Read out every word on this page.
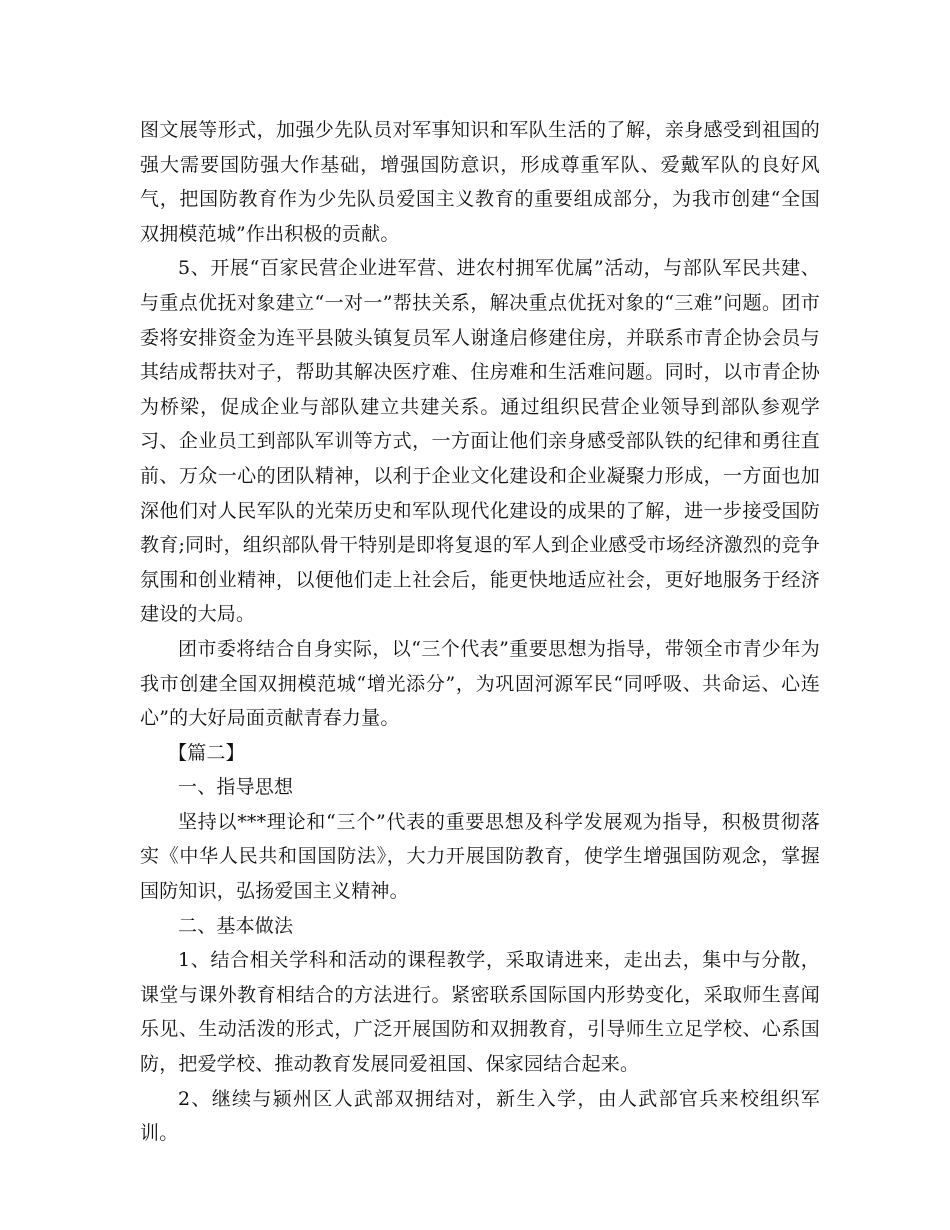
图文展等形式，加强少先队员对军事知识和军队生活的了解，亲身感受到祖国的强大需要国防强大作基础，增强国防意识，形成尊重军队、爱戴军队的良好风气，把国防教育作为少先队员爱国主义教育的重要组成部分，为我市创建“全国双拥模范城”作出积极的贡献。

5、开展“百家民营企业进军营、进农村拥军优属”活动，与部队军民共建、与重点优抚对象建立“一对一”帮扶关系，解决重点优抚对象的“三难”问题。团市委将安排资金为连平县陂头镇复员军人谢逢启修建住房，并联系市青企协会员与其结成帮扶对子，帮助其解决医疗难、住房难和生活难问题。同时，以市青企协为桥梁，促成企业与部队建立共建关系。通过组织民营企业领导到部队参观学习、企业员工到部队军训等方式，一方面让他们亲身感受部队铁的纪律和勇往直前、万众一心的团队精神，以利于企业文化建设和企业凝聚力形成，一方面也加深他们对人民军队的光荣历史和军队现代化建设的成果的了解，进一步接受国防教育;同时，组织部队骨干特别是即将复退的军人到企业感受市场经济激烈的竞争氛围和创业精神，以便他们走上社会后，能更快地适应社会，更好地服务于经济建设的大局。

团市委将结合自身实际，以“三个代表”重要思想为指导，带领全市青少年为我市创建全国双拥模范城“增光添分”，为巩固河源军民“同呼吸、共命运、心连心”的大好局面贡献青春力量。

【篇二】

一、指导思想

坚持以***理论和“三个”代表的重要思想及科学发展观为指导，积极贯彻落实《中华人民共和国国防法》，大力开展国防教育，使学生增强国防观念，掌握国防知识，弘扬爱国主义精神。

二、基本做法

1、结合相关学科和活动的课程教学，采取请进来，走出去，集中与分散，课堂与课外教育相结合的方法进行。紧密联系国际国内形势变化，采取师生喜闻乐见、生动活泼的形式，广泛开展国防和双拥教育，引导师生立足学校、心系国防，把爱学校、推动教育发展同爱祖国、保家园结合起来。

2、继续与颍州区人武部双拥结对，新生入学，由人武部官兵来校组织军训。
